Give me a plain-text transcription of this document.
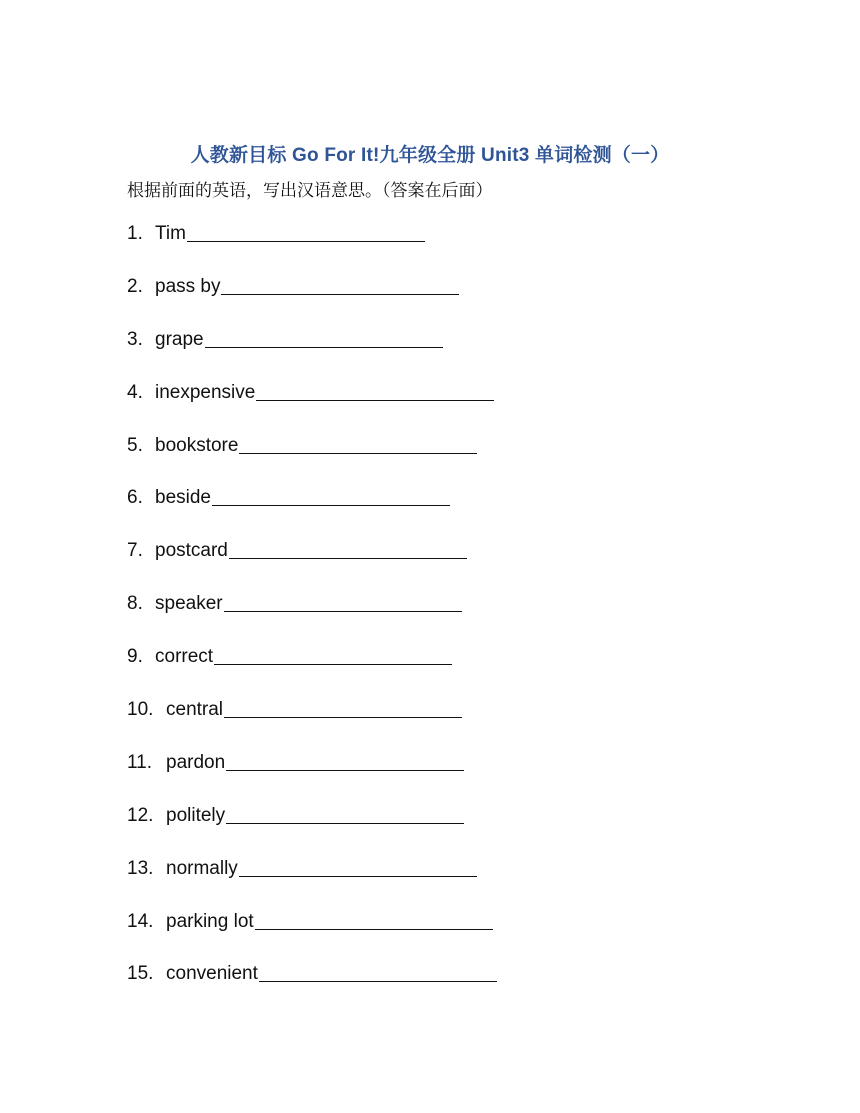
人教新目标 Go For It!九年级全册 Unit3 单词检测（一）
根据前面的英语，写出汉语意思。（答案在后面）
1. Tim
2. pass by
3. grape
4. inexpensive
5. bookstore
6. beside
7. postcard
8. speaker
9. correct
10. central
11. pardon
12. politely
13. normally
14. parking lot
15. convenient
